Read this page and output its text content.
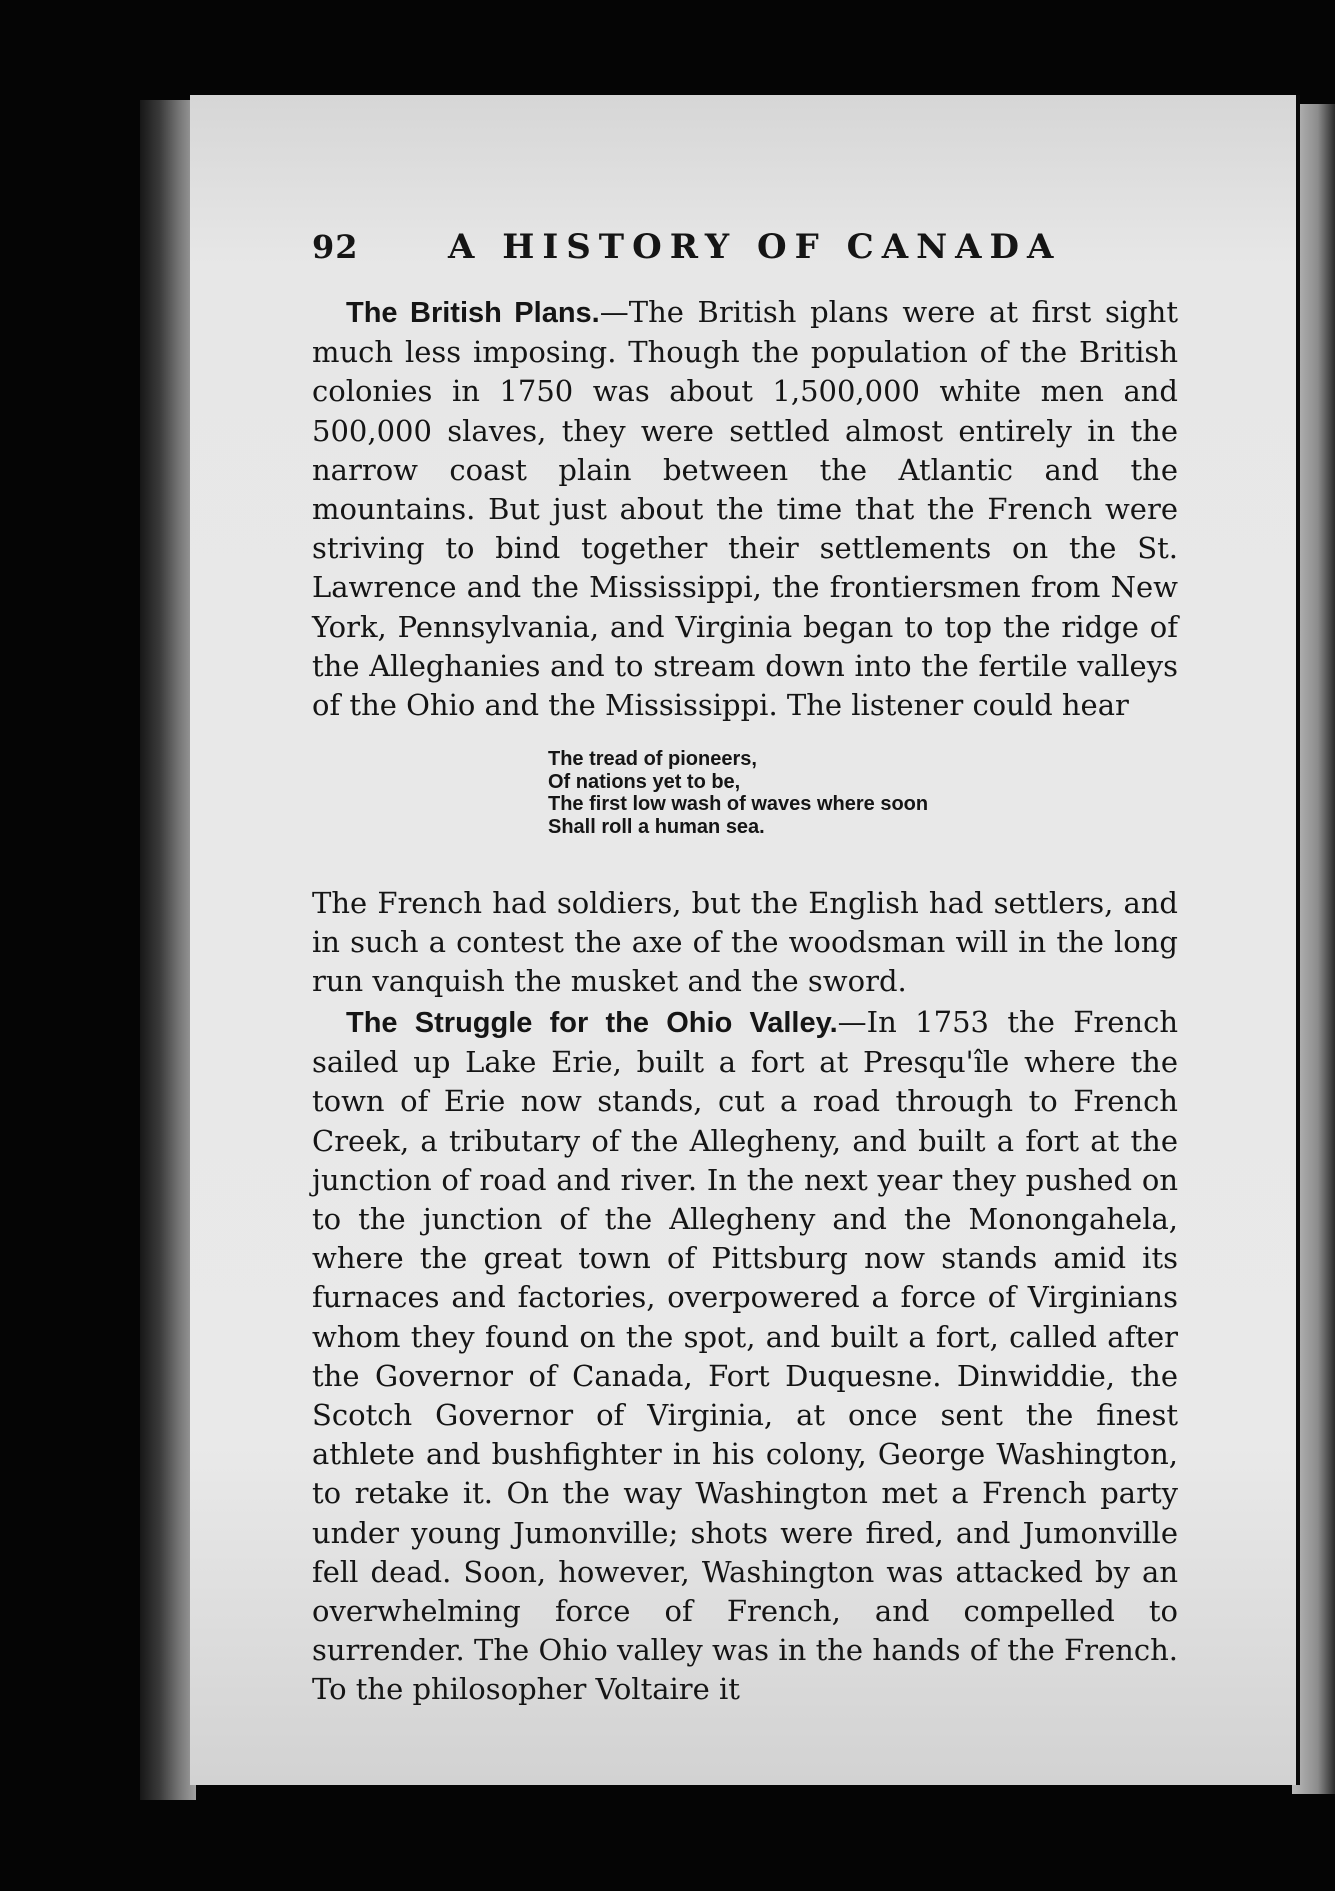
92	A HISTORY OF CANADA

The British Plans.—The British plans were at first sight much less imposing. Though the population of the British colonies in 1750 was about 1,500,000 white men and 500,000 slaves, they were settled almost entirely in the narrow coast plain between the Atlantic and the mountains. But just about the time that the French were striving to bind together their settlements on the St. Lawrence and the Mississippi, the frontiersmen from New York, Pennsylvania, and Virginia began to top the ridge of the Alleghanies and to stream down into the fertile valleys of the Ohio and the Mississippi. The listener could hear

The tread of pioneers,
Of nations yet to be,
The first low wash of waves where soon
Shall roll a human sea.

The French had soldiers, but the English had settlers, and in such a contest the axe of the woodsman will in the long run vanquish the musket and the sword.

The Struggle for the Ohio Valley.—In 1753 the French sailed up Lake Erie, built a fort at Presqu'île where the town of Erie now stands, cut a road through to French Creek, a tributary of the Allegheny, and built a fort at the junction of road and river. In the next year they pushed on to the junction of the Allegheny and the Monongahela, where the great town of Pittsburg now stands amid its furnaces and factories, overpowered a force of Virginians whom they found on the spot, and built a fort, called after the Governor of Canada, Fort Duquesne. Dinwiddie, the Scotch Governor of Virginia, at once sent the finest athlete and bushfighter in his colony, George Washington, to retake it. On the way Washington met a French party under young Jumonville; shots were fired, and Jumonville fell dead. Soon, however, Washington was attacked by an overwhelming force of French, and compelled to surrender. The Ohio valley was in the hands of the French. To the philosopher Voltaire it
